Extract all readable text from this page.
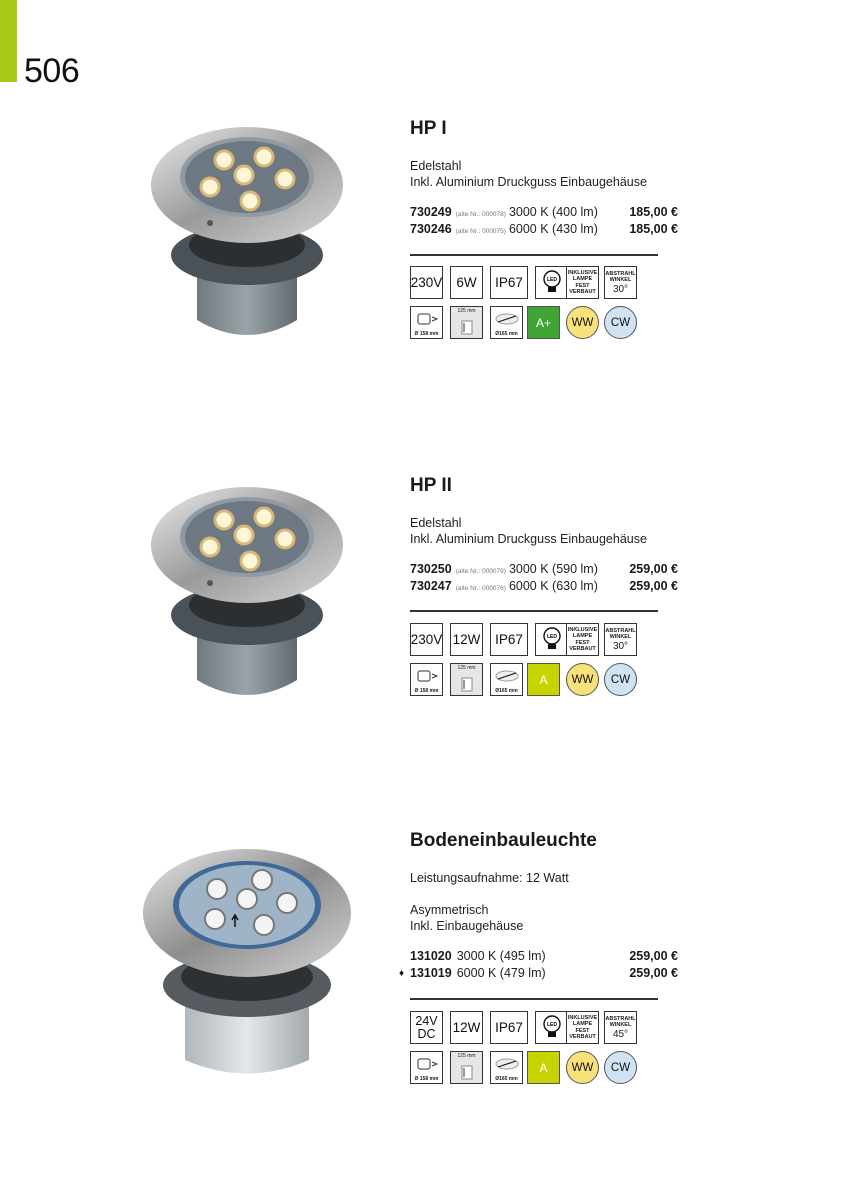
506
HP I
Edelstahl
Inkl. Aluminium Druckguss Einbaugehäuse
730249 (alte Nr.: 000078) 3000 K (400 lm)	185,00 €
730246 (alte Nr.: 000075) 6000 K (430 lm)	185,00 €
230V	6W	IP67	LED
INKLUSIVE
LAMPE
FEST VERBAUT
ABSTRAHL
WINKEL
30°
Ø 158 mm
125 mm
Ø165 mm
A+	WW	CW
HP II
Edelstahl
Inkl. Aluminium Druckguss Einbaugehäuse
730250 (alte Nr.: 000079) 3000 K (590 lm)	259,00 €
730247 (alte Nr.: 000076) 6000 K (630 lm)	259,00 €
230V 12W	IP67	LED
INKLUSIVE
LAMPE
FEST VERBAUT
ABSTRAHL
WINKEL
30°
Ø 158 mm
125 mm
Ø165 mm
A	WW	CW
Bodeneinbauleuchte
Leistungsaufnahme: 12 Watt
Asymmetrisch
Inkl. Einbaugehäuse
131020 3000 K (495 lm)	259,00 €
♦ 131019 6000 K (479 lm)	259,00 €
24V DC	12W	IP67	LED
INKLUSIVE
LAMPE
FEST VERBAUT
ABSTRAHL
WINKEL
45°
Ø 158 mm
125 mm
Ø165 mm
A	WW	CW
